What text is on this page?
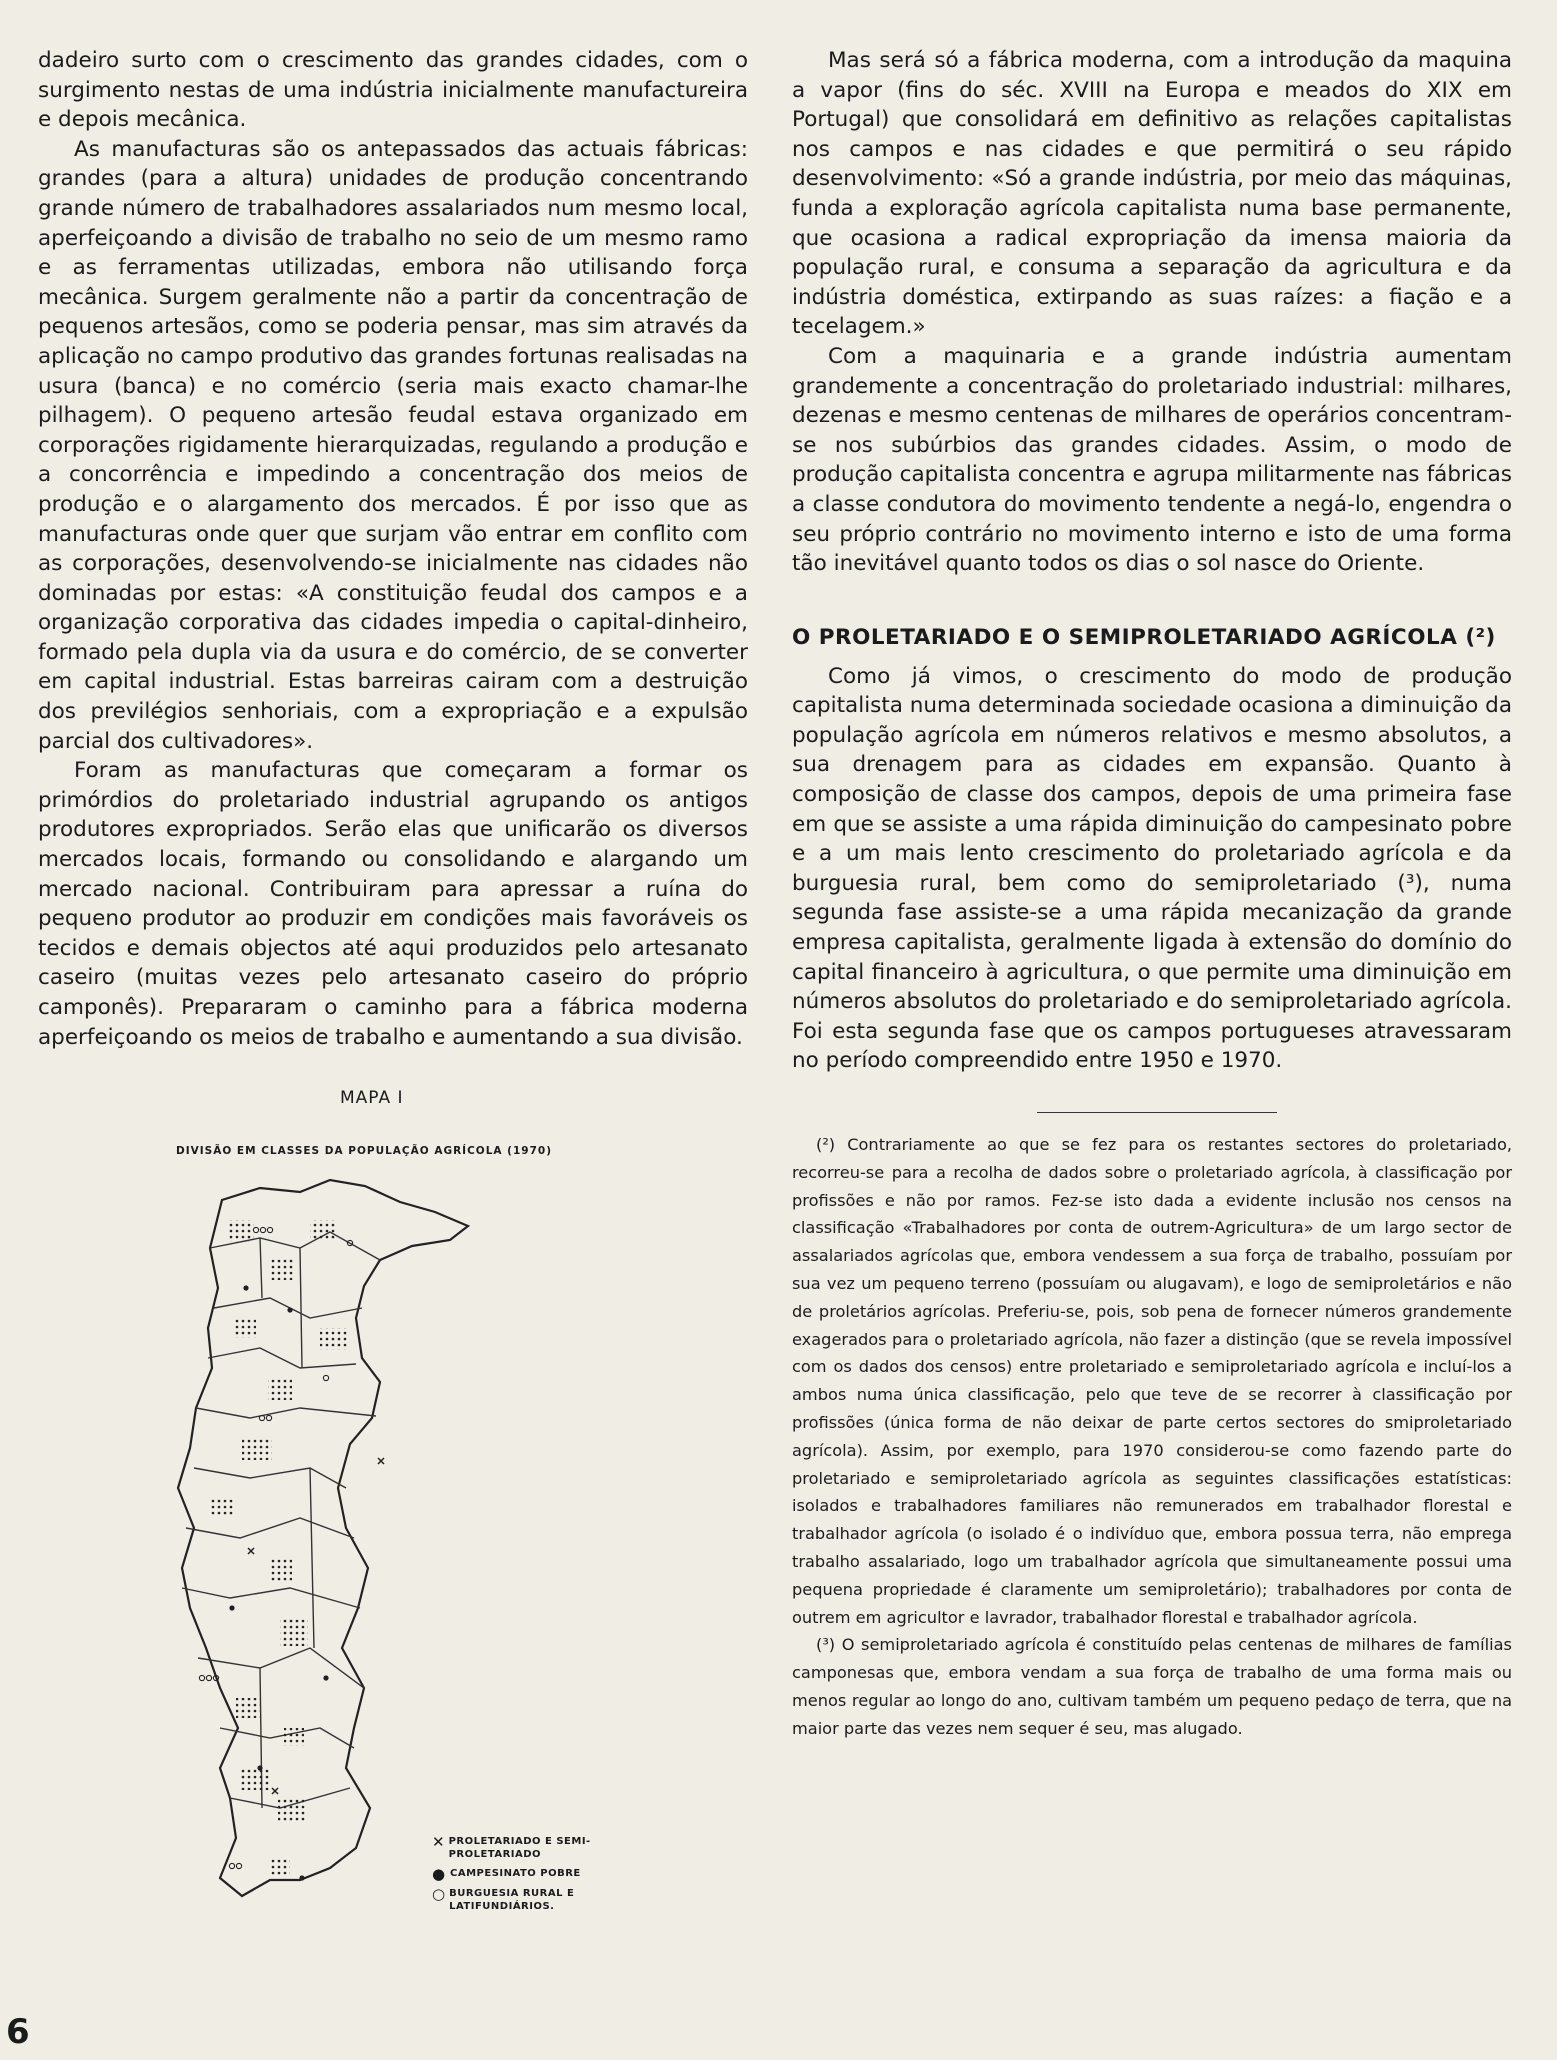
dadeiro surto com o crescimento das grandes cidades, com o surgimento nestas de uma indústria inicialmente manufactureira e depois mecânica.

As manufacturas são os antepassados das actuais fábricas: grandes (para a altura) unidades de produção concentrando grande número de trabalhadores assalariados num mesmo local, aperfeiçoando a divisão de trabalho no seio de um mesmo ramo e as ferramentas utilizadas, embora não utilisando força mecânica. Surgem geralmente não a partir da concentração de pequenos artesãos, como se poderia pensar, mas sim através da aplicação no campo produtivo das grandes fortunas realisadas na usura (banca) e no comércio (seria mais exacto chamar-lhe pilhagem). O pequeno artesão feudal estava organizado em corporações rigidamente hierarquizadas, regulando a produção e a concorrência e impedindo a concentração dos meios de produção e o alargamento dos mercados. É por isso que as manufacturas onde quer que surjam vão entrar em conflito com as corporações, desenvolvendo-se inicialmente nas cidades não dominadas por estas: «A constituição feudal dos campos e a organização corporativa das cidades impedia o capital-dinheiro, formado pela dupla via da usura e do comércio, de se converter em capital industrial. Estas barreiras cairam com a destruição dos previlégios senhoriais, com a expropriação e a expulsão parcial dos cultivadores».

Foram as manufacturas que começaram a formar os primórdios do proletariado industrial agrupando os antigos produtores expropriados. Serão elas que unificarão os diversos mercados locais, formando ou consolidando e alargando um mercado nacional. Contribuiram para apressar a ruína do pequeno produtor ao produzir em condições mais favoráveis os tecidos e demais objectos até aqui produzidos pelo artesanato caseiro (muitas vezes pelo artesanato caseiro do próprio camponês). Prepararam o caminho para a fábrica moderna aperfeiçoando os meios de trabalho e aumentando a sua divisão.

MAPA I
DIVISÃO EM CLASSES DA POPULAÇÃO AGRÍCOLA (1970)
✕ PROLETARIADO E SEMI-PROLETARIADO
● CAMPESINATO POBRE
○ BURGUESIA RURAL E LATIFUNDIÁRIOS.

Mas será só a fábrica moderna, com a introdução da maquina a vapor (fins do séc. XVIII na Europa e meados do XIX em Portugal) que consolidará em definitivo as relações capitalistas nos campos e nas cidades e que permitirá o seu rápido desenvolvimento: «Só a grande indústria, por meio das máquinas, funda a exploração agrícola capitalista numa base permanente, que ocasiona a radical expropriação da imensa maioria da população rural, e consuma a separação da agricultura e da indústria doméstica, extirpando as suas raízes: a fiação e a tecelagem.»

Com a maquinaria e a grande indústria aumentam grandemente a concentração do proletariado industrial: milhares, dezenas e mesmo centenas de milhares de operários concentram-se nos subúrbios das grandes cidades. Assim, o modo de produção capitalista concentra e agrupa militarmente nas fábricas a classe condutora do movimento tendente a negá-lo, engendra o seu próprio contrário no movimento interno e isto de uma forma tão inevitável quanto todos os dias o sol nasce do Oriente.

O PROLETARIADO E O SEMIPROLETARIADO AGRÍCOLA (²)

Como já vimos, o crescimento do modo de produção capitalista numa determinada sociedade ocasiona a diminuição da população agrícola em números relativos e mesmo absolutos, a sua drenagem para as cidades em expansão. Quanto à composição de classe dos campos, depois de uma primeira fase em que se assiste a uma rápida diminuição do campesinato pobre e a um mais lento crescimento do proletariado agrícola e da burguesia rural, bem como do semiproletariado (³), numa segunda fase assiste-se a uma rápida mecanização da grande empresa capitalista, geralmente ligada à extensão do domínio do capital financeiro à agricultura, o que permite uma diminuição em números absolutos do proletariado e do semiproletariado agrícola. Foi esta segunda fase que os campos portugueses atravessaram no período compreendido entre 1950 e 1970.

(²) Contrariamente ao que se fez para os restantes sectores do proletariado, recorreu-se para a recolha de dados sobre o proletariado agrícola, à classificação por profissões e não por ramos. Fez-se isto dada a evidente inclusão nos censos na classificação «Trabalhadores por conta de outrem-Agricultura» de um largo sector de assalariados agrícolas que, embora vendessem a sua força de trabalho, possuíam por sua vez um pequeno terreno (possuíam ou alugavam), e logo de semiproletários e não de proletários agrícolas. Preferiu-se, pois, sob pena de fornecer números grandemente exagerados para o proletariado agrícola, não fazer a distinção (que se revela impossível com os dados dos censos) entre proletariado e semiproletariado agrícola e incluí-los a ambos numa única classificação, pelo que teve de se recorrer à classificação por profissões (única forma de não deixar de parte certos sectores do smiproletariado agrícola). Assim, por exemplo, para 1970 considerou-se como fazendo parte do proletariado e semiproletariado agrícola as seguintes classificações estatísticas: isolados e trabalhadores familiares não remunerados em trabalhador florestal e trabalhador agrícola (o isolado é o indivíduo que, embora possua terra, não emprega trabalho assalariado, logo um trabalhador agrícola que simultaneamente possui uma pequena propriedade é claramente um semiproletário); trabalhadores por conta de outrem em agricultor e lavrador, trabalhador florestal e trabalhador agrícola.

(³) O semiproletariado agrícola é constituído pelas centenas de milhares de famílias camponesas que, embora vendam a sua força de trabalho de uma forma mais ou menos regular ao longo do ano, cultivam também um pequeno pedaço de terra, que na maior parte das vezes nem sequer é seu, mas alugado.

6
